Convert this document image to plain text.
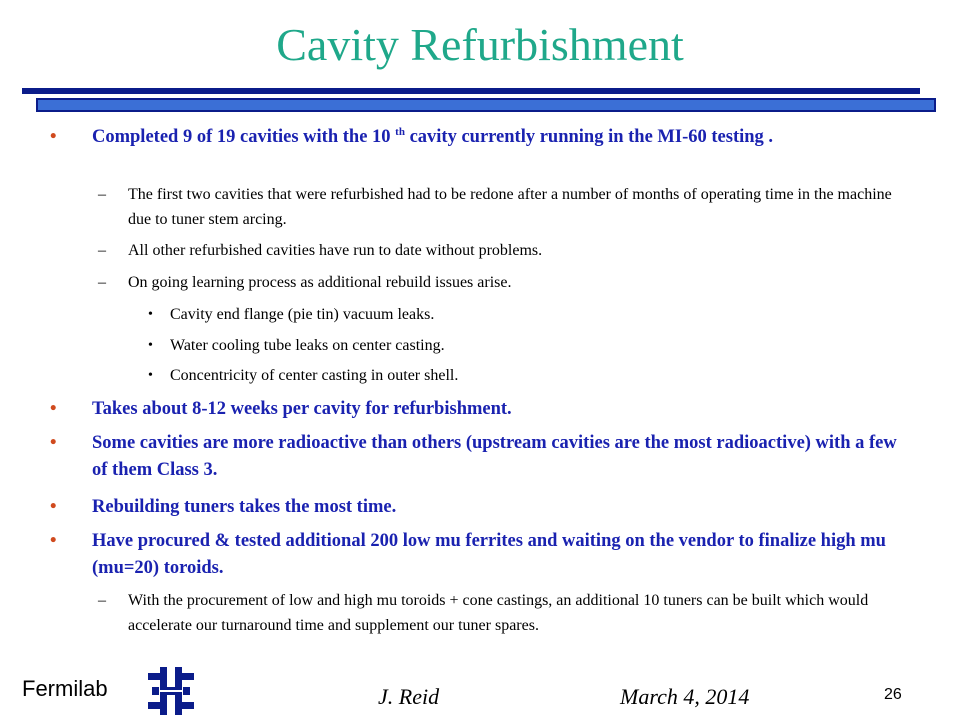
Cavity Refurbishment
• Completed 9 of 19 cavities with the 10 $^{th}$ cavity currently running in the MI-60 testing .
– The first two cavities that were refurbished had to be redone after a number of months of operating time in the machine due to tuner stem arcing.
– All other refurbished cavities have run to date without problems.
– On going learning process as additional rebuild issues arise.
• Cavity end flange (pie tin) vacuum leaks.
• Water cooling tube leaks on center casting.
• Concentricity of center casting in outer shell.
• Takes about 8-12 weeks per cavity for refurbishment.
• Some cavities are more radioactive than others (upstream cavities are the most radioactive) with a few of them Class 3.
• Rebuilding tuners takes the most time.
• Have procured & tested additional 200 low mu ferrites and waiting on the vendor to finalize high mu (mu=20) toroids.
– With the procurement of low and high mu toroids + cone castings, an additional 10 tuners can be built which would accelerate our turnaround time and supplement our tuner spares.
Fermilab	J. Reid	March 4, 2014	26
